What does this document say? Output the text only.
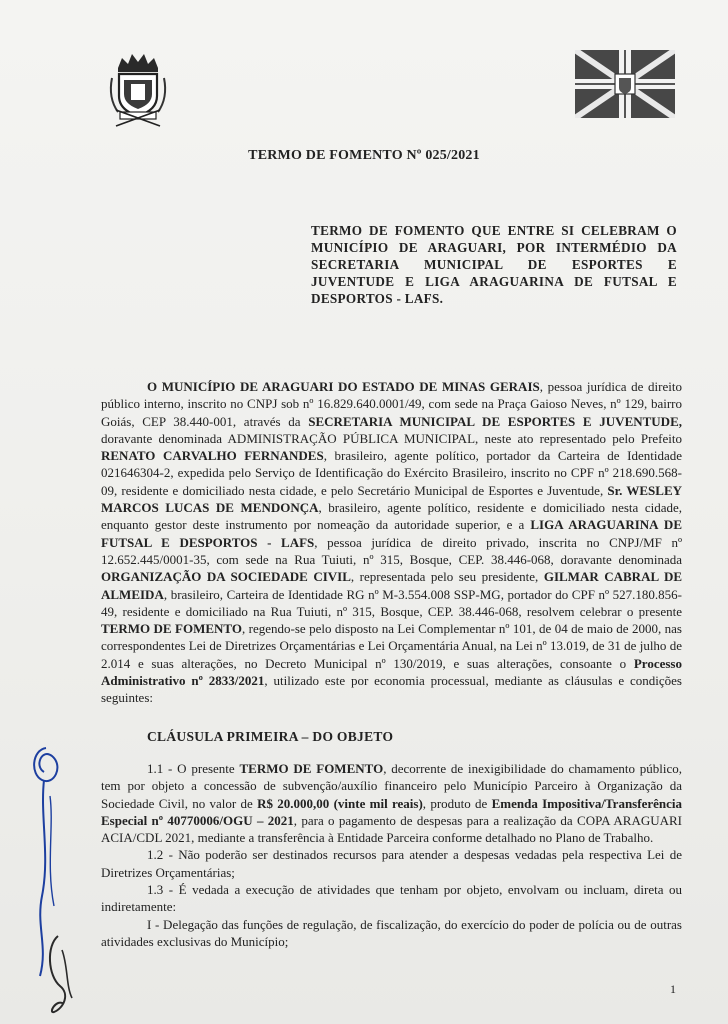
TERMO DE FOMENTO Nº 025/2021
TERMO DE FOMENTO QUE ENTRE SI CELEBRAM O MUNICÍPIO DE ARAGUARI, POR INTERMÉDIO DA SECRETARIA MUNICIPAL DE ESPORTES E JUVENTUDE E LIGA ARAGUARINA DE FUTSAL E DESPORTOS - LAFS.

O MUNICÍPIO DE ARAGUARI DO ESTADO DE MINAS GERAIS, pessoa jurídica de direito público interno, inscrito no CNPJ sob nº 16.829.640.0001/49, com sede na Praça Gaioso Neves, nº 129, bairro Goiás, CEP 38.440-001, através da SECRETARIA MUNICIPAL DE ESPORTES E JUVENTUDE, doravante denominada ADMINISTRAÇÃO PÚBLICA MUNICIPAL, neste ato representado pelo Prefeito RENATO CARVALHO FERNANDES, brasileiro, agente político, portador da Carteira de Identidade 021646304-2, expedida pelo Serviço de Identificação do Exército Brasileiro, inscrito no CPF nº 218.690.568-09, residente e domiciliado nesta cidade, e pelo Secretário Municipal de Esportes e Juventude, Sr. WESLEY MARCOS LUCAS DE MENDONÇA, brasileiro, agente político, residente e domiciliado nesta cidade, enquanto gestor deste instrumento por nomeação da autoridade superior, e a LIGA ARAGUARINA DE FUTSAL E DESPORTOS - LAFS, pessoa jurídica de direito privado, inscrita no CNPJ/MF nº 12.652.445/0001-35, com sede na Rua Tuiuti, nº 315, Bosque, CEP. 38.446-068, doravante denominada ORGANIZAÇÃO DA SOCIEDADE CIVIL, representada pelo seu presidente, GILMAR CABRAL DE ALMEIDA, brasileiro, Carteira de Identidade RG nº M-3.554.008 SSP-MG, portador do CPF nº 527.180.856-49, residente e domiciliado na Rua Tuiuti, nº 315, Bosque, CEP. 38.446-068, resolvem celebrar o presente TERMO DE FOMENTO, regendo-se pelo disposto na Lei Complementar nº 101, de 04 de maio de 2000, nas correspondentes Lei de Diretrizes Orçamentárias e Lei Orçamentária Anual, na Lei nº 13.019, de 31 de julho de 2.014 e suas alterações, no Decreto Municipal nº 130/2019, e suas alterações, consoante o Processo Administrativo nº 2833/2021, utilizado este por economia processual, mediante as cláusulas e condições seguintes:

CLÁUSULA PRIMEIRA – DO OBJETO

1.1 - O presente TERMO DE FOMENTO, decorrente de inexigibilidade do chamamento público, tem por objeto a concessão de subvenção/auxílio financeiro pelo Município Parceiro à Organização da Sociedade Civil, no valor de R$ 20.000,00 (vinte mil reais), produto de Emenda Impositiva/Transferência Especial nº 40770006/OGU – 2021, para o pagamento de despesas para a realização da COPA ARAGUARI ACIA/CDL 2021, mediante a transferência à Entidade Parceira conforme detalhado no Plano de Trabalho.

1.2 - Não poderão ser destinados recursos para atender a despesas vedadas pela respectiva Lei de Diretrizes Orçamentárias;

1.3 - É vedada a execução de atividades que tenham por objeto, envolvam ou incluam, direta ou indiretamente:

I - Delegação das funções de regulação, de fiscalização, do exercício do poder de polícia ou de outras atividades exclusivas do Município;

1
